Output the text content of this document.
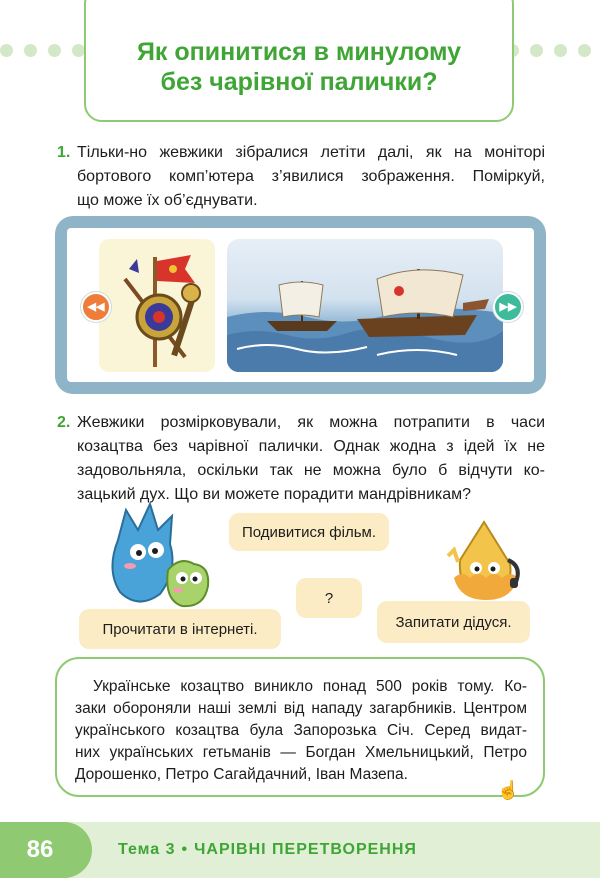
Як опинитися в минулому
без чарівної палички?
1. Тільки-но жевжики зібралися летіти далі, як на моніторі
бортового комп’ютера з’явилися зображення. Поміркуй,
що може їх об’єднувати.
◀◀	▶▶
2. Жевжики розмірковували, як можна потрапити в часи
козацтва без чарівної палички. Однак жодна з ідей їх не
задовольняла, оскільки так не можна було б відчути ко-
зацький дух. Що ви можете порадити мандрівникам?
Подивитися фільм.
?
Прочитати в інтернеті.	Запитати дідуся.
Українське козацтво виникло понад 500 років тому. Ко-
заки обороняли наші землі від нападу загарбників. Центром
українського козацтва була Запорозька Січ. Серед видат-
них українських гетьманів — Богдан Хмельницький, Петро
Дорошенко, Петро Сагайдачний, Іван Мазепа.
☝
86	Тема 3 • ЧАРІВНІ ПЕРЕТВОРЕННЯ
